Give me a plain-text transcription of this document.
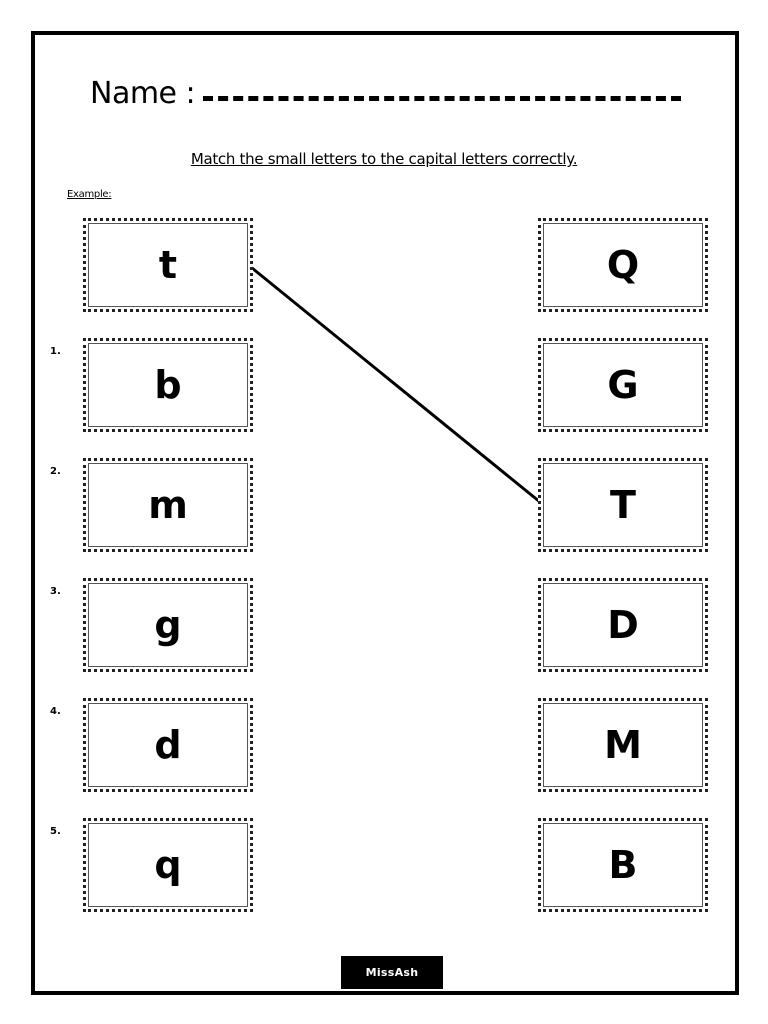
Name :
Match the small letters to the capital letters correctly.
Example:
t	Q
1.
b	G
2.
m	T
3.
g	D
4.
d	M
5.
q	B
MissAsh
